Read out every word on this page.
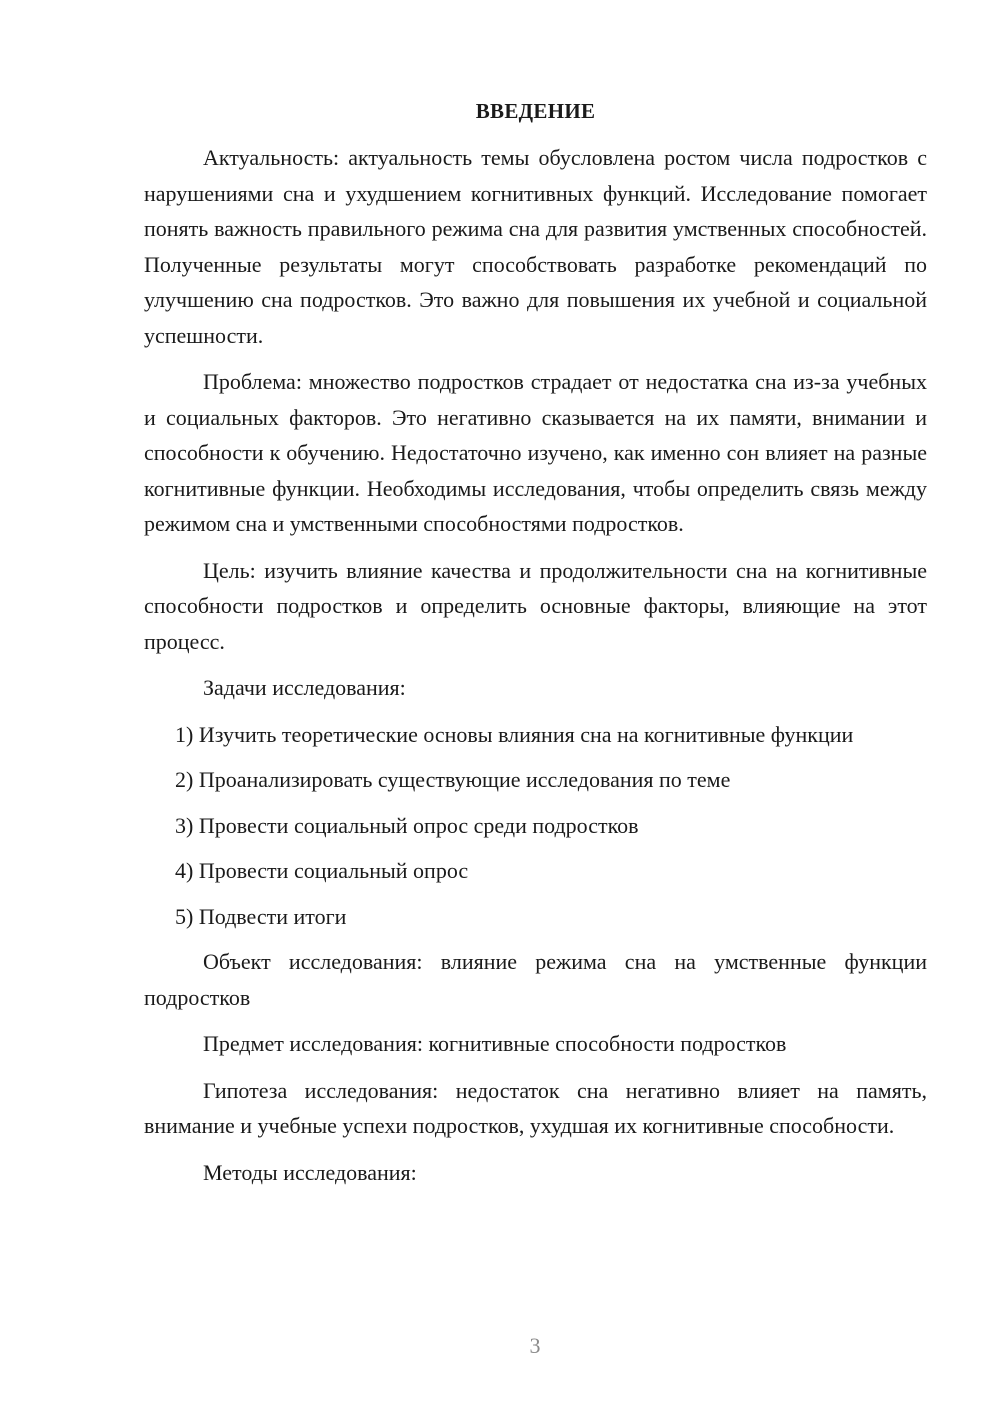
ВВЕДЕНИЕ

Актуальность: актуальность темы обусловлена ростом числа подростков с нарушениями сна и ухудшением когнитивных функций. Исследование помогает понять важность правильного режима сна для развития умственных способностей. Полученные результаты могут способствовать разработке рекомендаций по улучшению сна подростков. Это важно для повышения их учебной и социальной успешности.

Проблема: множество подростков страдает от недостатка сна из-за учебных и социальных факторов. Это негативно сказывается на их памяти, внимании и способности к обучению. Недостаточно изучено, как именно сон влияет на разные когнитивные функции. Необходимы исследования, чтобы определить связь между режимом сна и умственными способностями подростков.

Цель: изучить влияние качества и продолжительности сна на когнитивные способности подростков и определить основные факторы, влияющие на этот процесс.

Задачи исследования:

1) Изучить теоретические основы влияния сна на когнитивные функции

2) Проанализировать существующие исследования по теме

3) Провести социальный опрос среди подростков

4) Провести социальный опрос

5) Подвести итоги

Объект исследования: влияние режима сна на умственные функции подростков

Предмет исследования: когнитивные способности подростков

Гипотеза исследования: недостаток сна негативно влияет на память, внимание и учебные успехи подростков, ухудшая их когнитивные способности.

Методы исследования:

3
